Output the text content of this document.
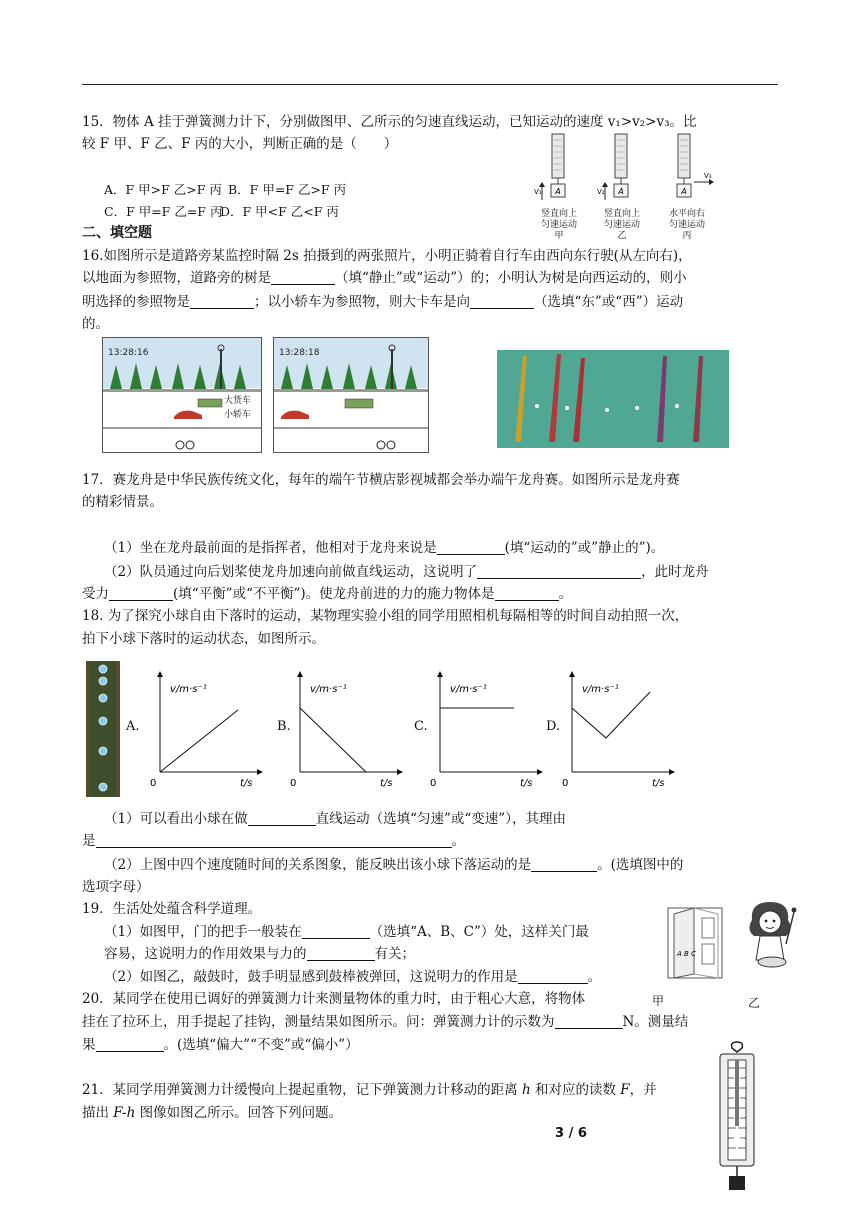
15．物体 A 挂于弹簧测力计下，分别做图甲、乙所示的匀速直线运动，已知运动的速度 v₁>v₂>v₃。比
较 F 甲、F 乙、F 丙的大小，判断正确的是（　　）
A．F 甲>F 乙>F 丙 B．F 甲=F 乙>F 丙
C．F 甲=F 乙=F 丙
D．F 甲<F 乙<F 丙
A	A	A
V₁	V₂
V₃
竖直向上
匀速运动
甲
竖直向上
匀速运动
乙
水平向右
匀速运动
丙
二、填空题
16.如图所示是道路旁某监控时隔 2s 拍摄到的两张照片，小明正骑着自行车由西向东行驶(从左向右)，
以地面为参照物，道路旁的树是	（填“静止”或“运动”）的；小明认为树是向西运动的，则小
明选择的参照物是	；以小轿车为参照物，则大卡车是向	（选填“东”或“西”）运动
的。
13:28:16
大货车
小轿车
13:28:18
17．赛龙舟是中华民族传统文化，每年的端午节横店影视城都会举办端午龙舟赛。如图所示是龙舟赛
的精彩情景。
（1）坐在龙舟最前面的是指挥者，他相对于龙舟来说是	(填“运动的”或”静止的”)。
（2）队员通过向后划桨使龙舟加速向前做直线运动，这说明了	，此时龙舟
受力	(填“平衡”或“不平衡”)。使龙舟前进的力的施力物体是	。
18. 为了探究小球自由下落时的运动，某物理实验小组的同学用照相机每隔相等的时间自动拍照一次，
拍下小球下落时的运动状态，如图所示。
A.	B.	C.	D.
v/m·s⁻¹
t/s
0
v/m·s⁻¹
t/s
0
v/m·s⁻¹
t/s
0
v/m·s⁻¹
t/s
0
（1）可以看出小球在做	直线运动（选填“匀速”或“变速”），其理由
是	。
（2）上图中四个速度随时间的关系图象，能反映出该小球下落运动的是	。(选填图中的
选项字母）
19．生活处处蕴含科学道理。
（1）如图甲，门的把手一般装在	（选填“A、B、C”）处，这样关门最
容易，这说明力的作用效果与力的	有关；
（2）如图乙，敲鼓时，鼓手明显感到鼓棒被弹回，这说明力的作用是	。
A B C
甲	乙
20．某同学在使用已调好的弹簧测力计来测量物体的重力时，由于粗心大意，将物体
挂在了拉环上，用手提起了挂钩，测量结果如图所示。问：弹簧测力计的示数为	N。测量结
果	。(选填“偏大”“不变”或“偏小”）
21．某同学用弹簧测力计缓慢向上提起重物，记下弹簧测力计移动的距离 h 和对应的读数 F，并
描出 F-h 图像如图乙所示。回答下列问题。
3 / 6
